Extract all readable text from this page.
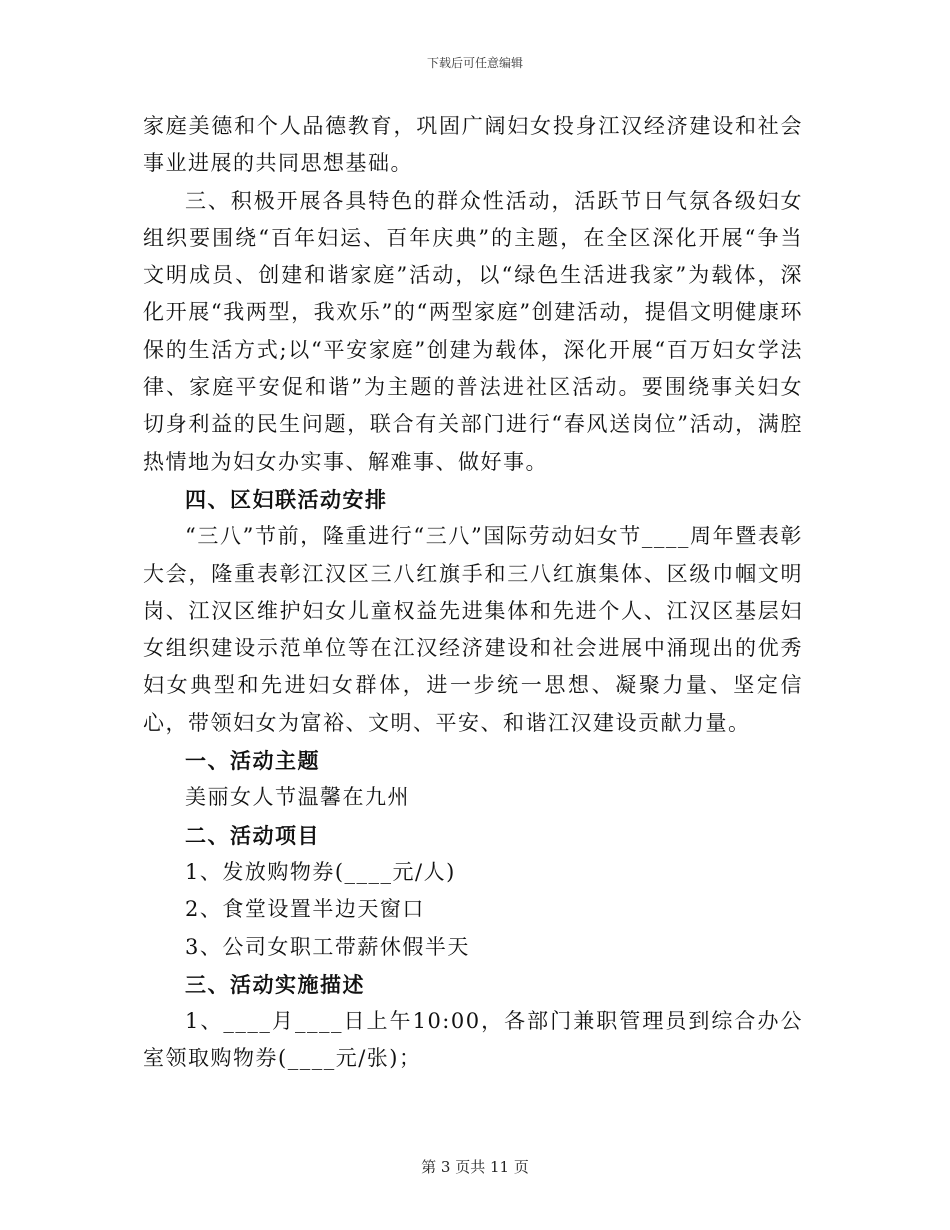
下载后可任意编辑

家庭美德和个人品德教育，巩固广阔妇女投身江汉经济建设和社会事业进展的共同思想基础。

三、积极开展各具特色的群众性活动，活跃节日气氛各级妇女组织要围绕“百年妇运、百年庆典”的主题，在全区深化开展“争当文明成员、创建和谐家庭”活动，以“绿色生活进我家”为载体，深化开展“我两型，我欢乐”的“两型家庭”创建活动，提倡文明健康环保的生活方式;以“平安家庭”创建为载体，深化开展“百万妇女学法律、家庭平安促和谐”为主题的普法进社区活动。要围绕事关妇女切身利益的民生问题，联合有关部门进行“春风送岗位”活动，满腔热情地为妇女办实事、解难事、做好事。

四、区妇联活动安排

“三八”节前，隆重进行“三八”国际劳动妇女节____周年暨表彰大会，隆重表彰江汉区三八红旗手和三八红旗集体、区级巾帼文明岗、江汉区维护妇女儿童权益先进集体和先进个人、江汉区基层妇女组织建设示范单位等在江汉经济建设和社会进展中涌现出的优秀妇女典型和先进妇女群体，进一步统一思想、凝聚力量、坚定信心，带领妇女为富裕、文明、平安、和谐江汉建设贡献力量。

一、活动主题

美丽女人节温馨在九州

二、活动项目

1、发放购物券(____元/人)

2、食堂设置半边天窗口

3、公司女职工带薪休假半天

三、活动实施描述

1、____月____日上午10:00，各部门兼职管理员到综合办公室领取购物券(____元/张)；

第 3 页共 11 页
